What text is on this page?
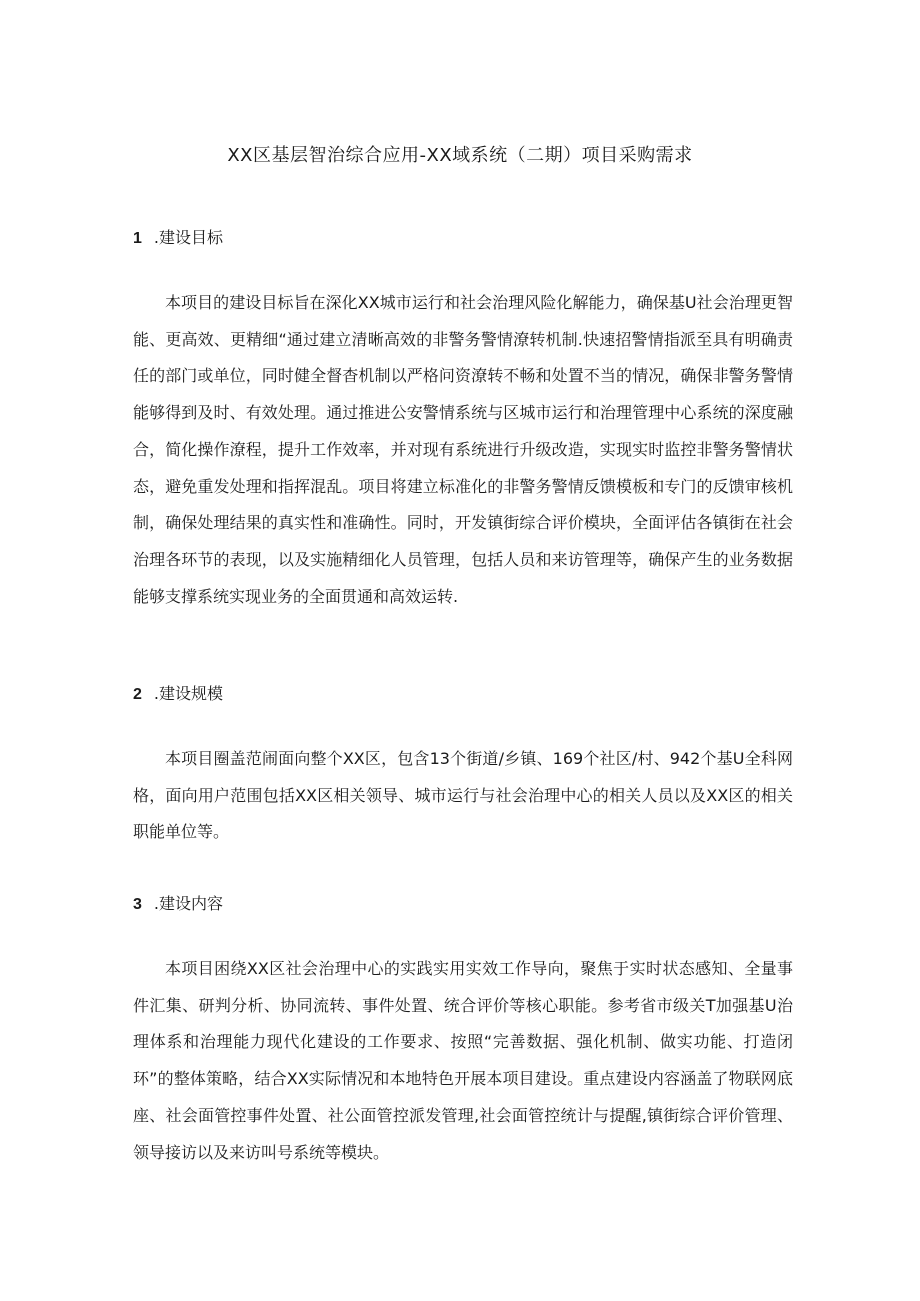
XX区基层智治综合应用-XX域系统（二期）项目采购需求
1 .建设目标

本项目的建设目标旨在深化XX城市运行和社会治理风险化解能力，确保基U社会治理更智能、更高效、更精细“通过建立清晰高效的非警务警情潦转机制.快速招警情指派至具有明确责任的部门或单位，同时健全督杳机制以严格问资潦转不畅和处置不当的情况，确保非警务警情能够得到及时、有效处理。通过推进公安警情系统与区城市运行和治理管理中心系统的深度融合，简化操作潦程，提升工作效率，并对现有系统进行升级改造，实现实时监控非警务警情状态，避免重发处理和指挥混乱。项目将建立标准化的非警务警情反馈模板和专门的反馈审核机制，确保处理结果的真实性和准确性。同时，开发镇街综合评价模块，全面评估各镇街在社会治理各环节的表现，以及实施精细化人员管理，包括人员和来访管理等，确保产生的业务数据能够支撑系统实现业务的全面贯通和高效运转.

2 .建设规模

本项目圈盖范闹面向整个XX区，包含13个街道/乡镇、169个社区/村、942个基U全科网格，面向用户范围包括XX区相关领导、城市运行与社会治理中心的相关人员以及XX区的相关职能单位等。

3 .建设内容

本项目困绕XX区社会治理中心的实践实用实效工作导向，聚焦于实时状态感知、全量事件汇集、研判分析、协同流转、事件处置、统合评价等核心职能。参考省市级关T加强基U治理体系和治理能力现代化建设的工作要求、按照“完善数据、强化机制、做实功能、打造闭环”的整体策略，结合XX实际情况和本地特色开展本项目建设。重点建设内容涵盖了物联网底座、社会面管控事件处置、社公面管控派发管理,社会面管控统计与提醒,镇街综合评价管理、领导接访以及来访叫号系统等模块。
